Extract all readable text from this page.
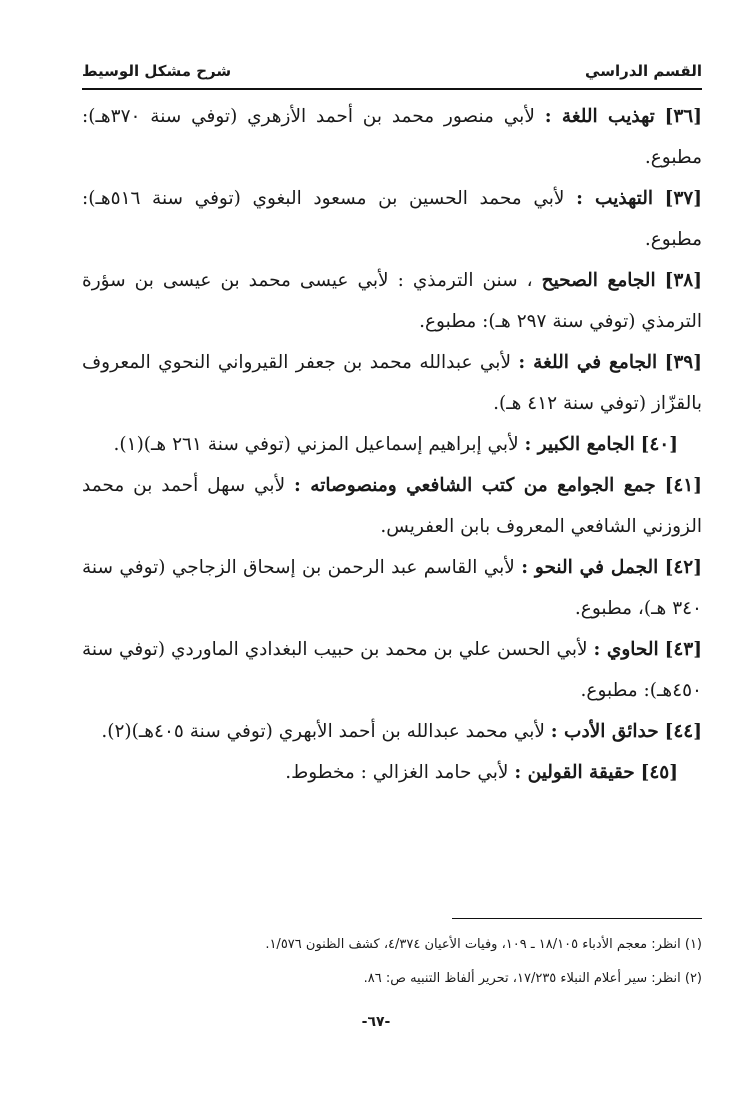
القسم الدراسي
شرح مشكل الوسيط

[٣٦] تهذيب اللغة : لأبي منصور محمد بن أحمد الأزهري (توفي سنة ٣٧٠هـ): مطبوع.

[٣٧] التهذيب : لأبي محمد الحسين بن مسعود البغوي (توفي سنة ٥١٦هـ): مطبوع.

[٣٨] الجامع الصحيح ، سنن الترمذي : لأبي عيسى محمد بن عيسى بن سؤرة الترمذي (توفي سنة ٢٩٧ هـ): مطبوع.

[٣٩] الجامع في اللغة : لأبي عبدالله محمد بن جعفر القيرواني النحوي المعروف بالقزّاز (توفي سنة ٤١٢ هـ).

[٤٠] الجامع الكبير : لأبي إبراهيم إسماعيل المزني (توفي سنة ٢٦١ هـ)(١).

[٤١] جمع الجوامع من كتب الشافعي ومنصوصاته : لأبي سهل أحمد بن محمد الزوزني الشافعي المعروف بابن العفريس.

[٤٢] الجمل في النحو : لأبي القاسم عبد الرحمن بن إسحاق الزجاجي (توفي سنة ٣٤٠ هـ)، مطبوع.

[٤٣] الحاوي : لأبي الحسن علي بن محمد بن حبيب البغدادي الماوردي (توفي سنة ٤٥٠هـ): مطبوع.

[٤٤] حدائق الأدب : لأبي محمد عبدالله بن أحمد الأبهري (توفي سنة ٤٠٥هـ)(٢).

[٤٥] حقيقة القولين : لأبي حامد الغزالي : مخطوط.

(١) انظر: معجم الأدباء ١٨/١٠٥ ـ ١٠٩، وفيات الأعيان ٤/٣٧٤، كشف الظنون ١/٥٧٦.

(٢) انظر: سير أعلام النبلاء ١٧/٢٣٥، تحرير ألفاظ التنبيه ص: ٨٦.

-٦٧-
